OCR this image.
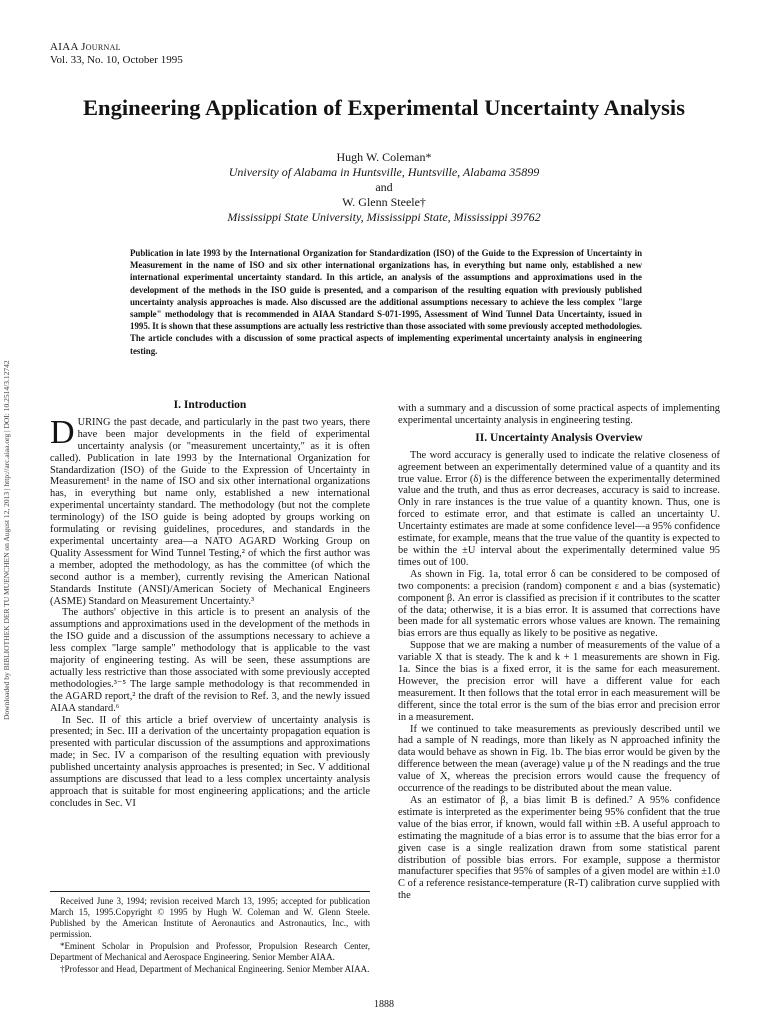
AIAA Journal
Vol. 33, No. 10, October 1995
Engineering Application of Experimental Uncertainty Analysis
Hugh W. Coleman*
University of Alabama in Huntsville, Huntsville, Alabama 35899
and
W. Glenn Steele†
Mississippi State University, Mississippi State, Mississippi 39762

Publication in late 1993 by the International Organization for Standardization (ISO) of the Guide to the Expression of Uncertainty in Measurement in the name of ISO and six other international organizations has, in everything but name only, established a new international experimental uncertainty standard. In this article, an analysis of the assumptions and approximations used in the development of the methods in the ISO guide is presented, and a comparison of the resulting equation with previously published uncertainty analysis approaches is made. Also discussed are the additional assumptions necessary to achieve the less complex "large sample" methodology that is recommended in AIAA Standard S-071-1995, Assessment of Wind Tunnel Data Uncertainty, issued in 1995. It is shown that these assumptions are actually less restrictive than those associated with some previously accepted methodologies. The article concludes with a discussion of some practical aspects of implementing experimental uncertainty analysis in engineering testing.

Downloaded by BIBLIOTHEK DER TU MUENCHEN on August 12, 2013 | http://arc.aiaa.org | DOI: 10.2514/3.12742	I. Introduction

DURING the past decade, and particularly in the past two years, there have been major developments in the field of experimental uncertainty analysis (or "measurement uncertainty," as it is often called). Publication in late 1993 by the International Organization for Standardization (ISO) of the Guide to the Expression of Uncertainty in Measurement¹ in the name of ISO and six other international organizations has, in everything but name only, established a new international experimental uncertainty standard. The methodology (but not the complete terminology) of the ISO guide is being adopted by groups working on formulating or revising guidelines, procedures, and standards in the experimental uncertainty area—a NATO AGARD Working Group on Quality Assessment for Wind Tunnel Testing,² of which the first author was a member, adopted the methodology, as has the committee (of which the second author is a member), currently revising the American National Standards Institute (ANSI)/American Society of Mechanical Engineers (ASME) Standard on Measurement Uncertainty.³

The authors' objective in this article is to present an analysis of the assumptions and approximations used in the development of the methods in the ISO guide and a discussion of the assumptions necessary to achieve a less complex "large sample" methodology that is applicable to the vast majority of engineering testing. As will be seen, these assumptions are actually less restrictive than those associated with some previously accepted methodologies.³⁻⁵ The large sample methodology is that recommended in the AGARD report,² the draft of the revision to Ref. 3, and the newly issued AIAA standard.⁶

In Sec. II of this article a brief overview of uncertainty analysis is presented; in Sec. III a derivation of the uncertainty propagation equation is presented with particular discussion of the assumptions and approximations made; in Sec. IV a comparison of the resulting equation with previously published uncertainty analysis approaches is presented; in Sec. V additional assumptions are discussed that lead to a less complex uncertainty analysis approach that is suitable for most engineering applications; and the article concludes in Sec. VI

with a summary and a discussion of some practical aspects of implementing experimental uncertainty analysis in engineering testing.

II. Uncertainty Analysis Overview

The word accuracy is generally used to indicate the relative closeness of agreement between an experimentally determined value of a quantity and its true value. Error (δ) is the difference between the experimentally determined value and the truth, and thus as error decreases, accuracy is said to increase. Only in rare instances is the true value of a quantity known. Thus, one is forced to estimate error, and that estimate is called an uncertainty U. Uncertainty estimates are made at some confidence level—a 95% confidence estimate, for example, means that the true value of the quantity is expected to be within the ±U interval about the experimentally determined value 95 times out of 100.

As shown in Fig. 1a, total error δ can be considered to be composed of two components: a precision (random) component ε and a bias (systematic) component β. An error is classified as precision if it contributes to the scatter of the data; otherwise, it is a bias error. It is assumed that corrections have been made for all systematic errors whose values are known. The remaining bias errors are thus equally as likely to be positive as negative.

Suppose that we are making a number of measurements of the value of a variable X that is steady. The k and k + 1 measurements are shown in Fig. 1a. Since the bias is a fixed error, it is the same for each measurement. However, the precision error will have a different value for each measurement. It then follows that the total error in each measurement will be different, since the total error is the sum of the bias error and precision error in a measurement.

If we continued to take measurements as previously described until we had a sample of N readings, more than likely as N approached infinity the data would behave as shown in Fig. 1b. The bias error would be given by the difference between the mean (average) value μ of the N readings and the true value of X, whereas the precision errors would cause the frequency of occurrence of the readings to be distributed about the mean value.

As an estimator of β, a bias limit B is defined.⁷ A 95% confidence estimate is interpreted as the experimenter being 95% confident that the true value of the bias error, if known, would fall within ±B. A useful approach to estimating the magnitude of a bias error is to assume that the bias error for a given case is a single realization drawn from some statistical parent distribution of possible bias errors. For example, suppose a thermistor manufacturer specifies that 95% of samples of a given model are within ±1.0 C of a reference resistance-temperature (R-T) calibration curve supplied with the

Received June 3, 1994; revision received March 13, 1995; accepted for publication March 15, 1995.Copyright © 1995 by Hugh W. Coleman and W. Glenn Steele. Published by the American Institute of Aeronautics and Astronautics, Inc., with permission.

*Eminent Scholar in Propulsion and Professor, Propulsion Research Center, Department of Mechanical and Aerospace Engineering. Senior Member AIAA.

†Professor and Head, Department of Mechanical Engineering. Senior Member AIAA.

1888
